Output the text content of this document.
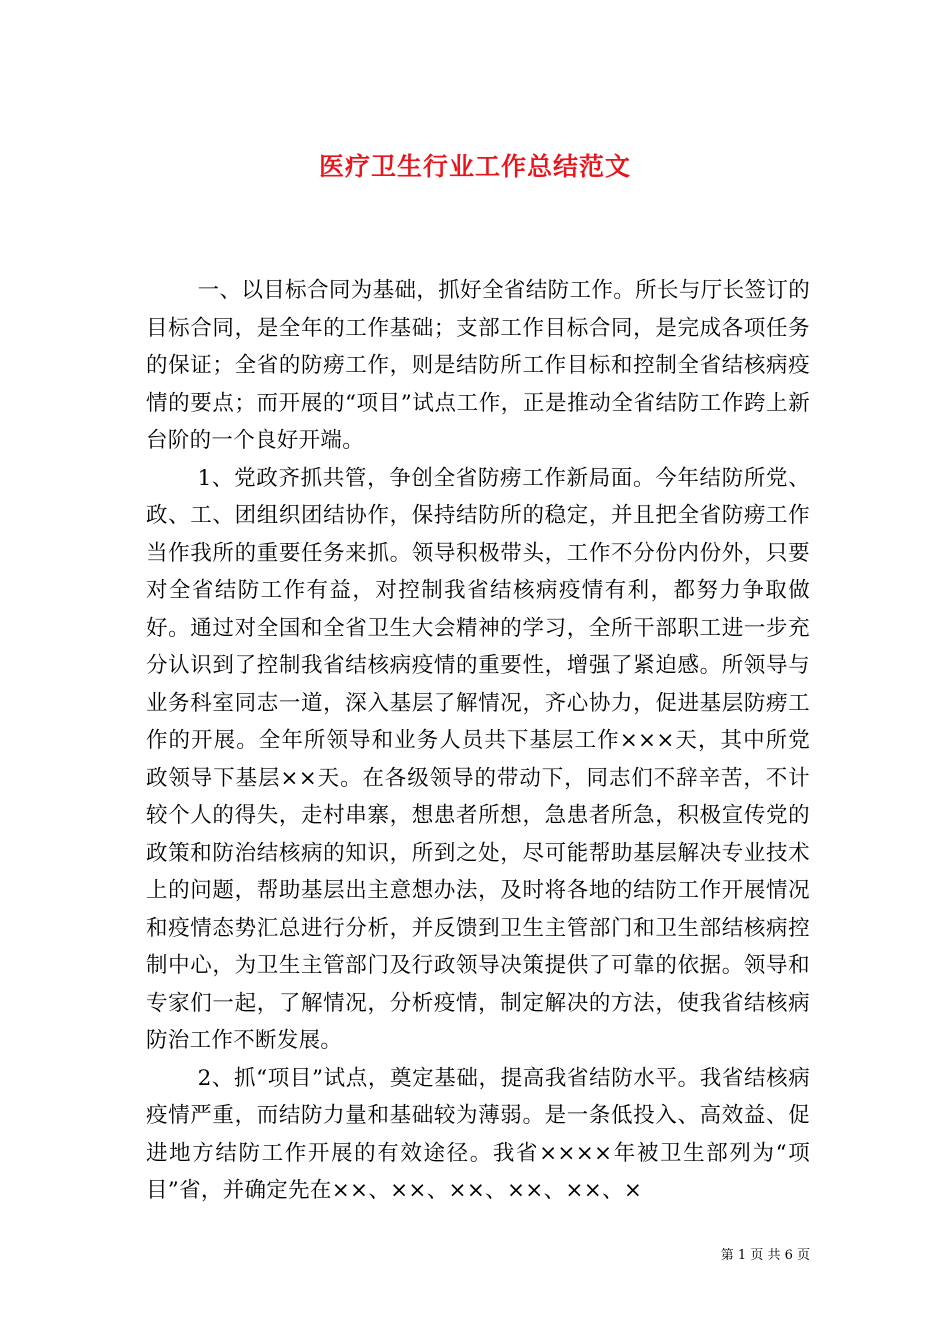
医疗卫生行业工作总结范文

一、以目标合同为基础，抓好全省结防工作。所长与厅长签订的目标合同，是全年的工作基础；支部工作目标合同，是完成各项任务的保证；全省的防痨工作，则是结防所工作目标和控制全省结核病疫情的要点；而开展的“项目”试点工作，正是推动全省结防工作跨上新台阶的一个良好开端。

1、党政齐抓共管，争创全省防痨工作新局面。今年结防所党、政、工、团组织团结协作，保持结防所的稳定，并且把全省防痨工作当作我所的重要任务来抓。领导积极带头，工作不分份内份外，只要对全省结防工作有益，对控制我省结核病疫情有利，都努力争取做好。通过对全国和全省卫生大会精神的学习，全所干部职工进一步充分认识到了控制我省结核病疫情的重要性，增强了紧迫感。所领导与业务科室同志一道，深入基层了解情况，齐心协力，促进基层防痨工作的开展。全年所领导和业务人员共下基层工作×××天，其中所党政领导下基层××天。在各级领导的带动下，同志们不辞辛苦，不计较个人的得失，走村串寨，想患者所想，急患者所急，积极宣传党的政策和防治结核病的知识，所到之处，尽可能帮助基层解决专业技术上的问题，帮助基层出主意想办法，及时将各地的结防工作开展情况和疫情态势汇总进行分析，并反馈到卫生主管部门和卫生部结核病控制中心，为卫生主管部门及行政领导决策提供了可靠的依据。领导和专家们一起，了解情况，分析疫情，制定解决的方法，使我省结核病防治工作不断发展。

2、抓“项目”试点，奠定基础，提高我省结防水平。我省结核病疫情严重，而结防力量和基础较为薄弱。是一条低投入、高效益、促进地方结防工作开展的有效途径。我省××××年被卫生部列为“项目”省，并确定先在××、××、××、××、××、×

第 1 页 共 6 页
